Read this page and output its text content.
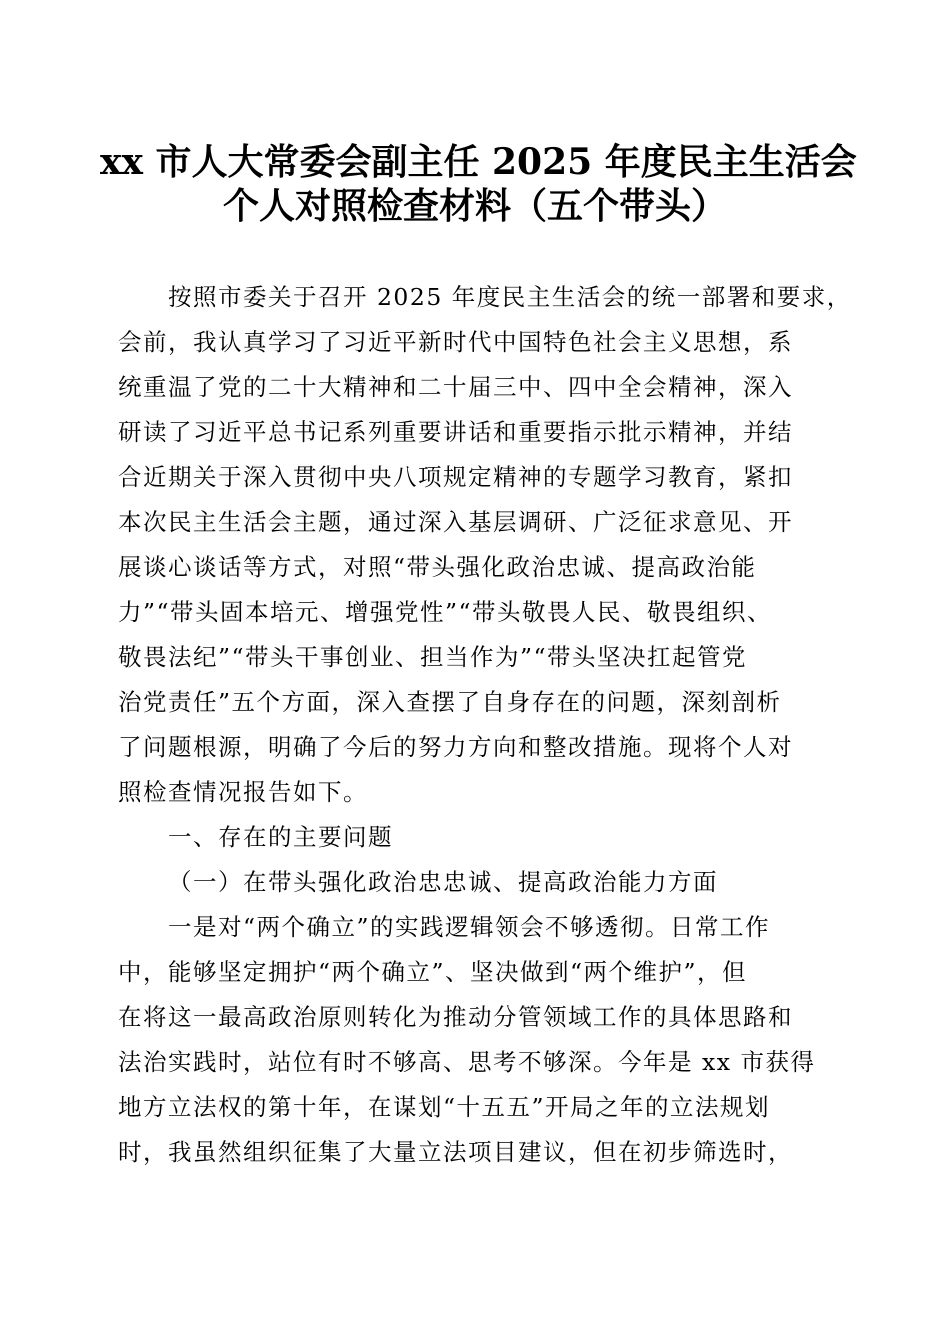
xx 市人大常委会副主任 2025 年度民主生活会
个人对照检查材料（五个带头）
按照市委关于召开 2025 年度民主生活会的统一部署和要求，
会前，我认真学习了习近平新时代中国特色社会主义思想，系
统重温了党的二十大精神和二十届三中、四中全会精神，深入
研读了习近平总书记系列重要讲话和重要指示批示精神，并结
合近期关于深入贯彻中央八项规定精神的专题学习教育，紧扣
本次民主生活会主题，通过深入基层调研、广泛征求意见、开
展谈心谈话等方式，对照“带头强化政治忠诚、提高政治能
力”“带头固本培元、增强党性”“带头敬畏人民、敬畏组织、
敬畏法纪”“带头干事创业、担当作为”“带头坚决扛起管党
治党责任”五个方面，深入查摆了自身存在的问题，深刻剖析
了问题根源，明确了今后的努力方向和整改措施。现将个人对
照检查情况报告如下。
一、存在的主要问题
（一）在带头强化政治忠忠诚、提高政治能力方面
一是对“两个确立”的实践逻辑领会不够透彻。日常工作
中，能够坚定拥护“两个确立”、坚决做到“两个维护”，但
在将这一最高政治原则转化为推动分管领域工作的具体思路和
法治实践时，站位有时不够高、思考不够深。今年是 xx 市获得
地方立法权的第十年，在谋划“十五五”开局之年的立法规划
时，我虽然组织征集了大量立法项目建议，但在初步筛选时，
